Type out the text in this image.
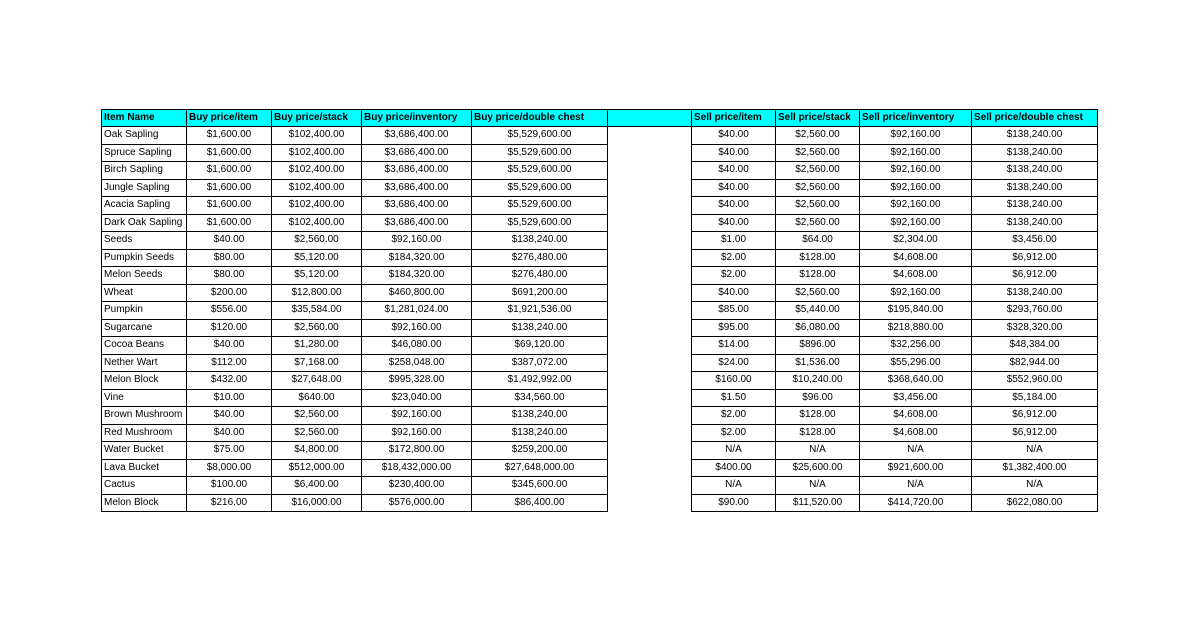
Item Name	Buy price/item	Buy price/stack	Buy price/inventory	Buy price/double chest		Sell price/item	Sell price/stack	Sell price/inventory	Sell price/double chest
Oak Sapling	$1,600.00	$102,400.00	$3,686,400.00	$5,529,600.00		$40.00	$2,560.00	$92,160.00	$138,240.00
Spruce Sapling	$1,600.00	$102,400.00	$3,686,400.00	$5,529,600.00		$40.00	$2,560.00	$92,160.00	$138,240.00
Birch Sapling	$1,600.00	$102,400.00	$3,686,400.00	$5,529,600.00		$40.00	$2,560.00	$92,160.00	$138,240.00
Jungle Sapling	$1,600.00	$102,400.00	$3,686,400.00	$5,529,600.00		$40.00	$2,560.00	$92,160.00	$138,240.00
Acacia Sapling	$1,600.00	$102,400.00	$3,686,400.00	$5,529,600.00		$40.00	$2,560.00	$92,160.00	$138,240.00
Dark Oak Sapling	$1,600.00	$102,400.00	$3,686,400.00	$5,529,600.00		$40.00	$2,560.00	$92,160.00	$138,240.00
Seeds	$40.00	$2,560.00	$92,160.00	$138,240.00		$1.00	$64.00	$2,304.00	$3,456.00
Pumpkin Seeds	$80.00	$5,120.00	$184,320.00	$276,480.00		$2.00	$128.00	$4,608.00	$6,912.00
Melon Seeds	$80.00	$5,120.00	$184,320.00	$276,480.00		$2.00	$128.00	$4,608.00	$6,912.00
Wheat	$200.00	$12,800.00	$460,800.00	$691,200.00		$40.00	$2,560.00	$92,160.00	$138,240.00
Pumpkin	$556.00	$35,584.00	$1,281,024.00	$1,921,536.00		$85.00	$5,440.00	$195,840.00	$293,760.00
Sugarcane	$120.00	$2,560.00	$92,160.00	$138,240.00		$95.00	$6,080.00	$218,880.00	$328,320.00
Cocoa Beans	$40.00	$1,280.00	$46,080.00	$69,120.00		$14.00	$896.00	$32,256.00	$48,384.00
Nether Wart	$112.00	$7,168.00	$258,048.00	$387,072.00		$24.00	$1,536.00	$55,296.00	$82,944.00
Melon Block	$432.00	$27,648.00	$995,328.00	$1,492,992.00		$160.00	$10,240.00	$368,640.00	$552,960.00
Vine	$10.00	$640.00	$23,040.00	$34,560.00		$1.50	$96.00	$3,456.00	$5,184.00
Brown Mushroom	$40.00	$2,560.00	$92,160.00	$138,240.00		$2.00	$128.00	$4,608.00	$6,912.00
Red Mushroom	$40.00	$2,560.00	$92,160.00	$138,240.00		$2.00	$128.00	$4,608.00	$6,912.00
Water Bucket	$75.00	$4,800.00	$172,800.00	$259,200.00		N/A	N/A	N/A	N/A
Lava Bucket	$8,000.00	$512,000.00	$18,432,000.00	$27,648,000.00		$400.00	$25,600.00	$921,600.00	$1,382,400.00
Cactus	$100.00	$6,400.00	$230,400.00	$345,600.00		N/A	N/A	N/A	N/A
Melon Block	$216.00	$16,000.00	$576,000.00	$86,400.00		$90.00	$11,520.00	$414,720.00	$622,080.00
